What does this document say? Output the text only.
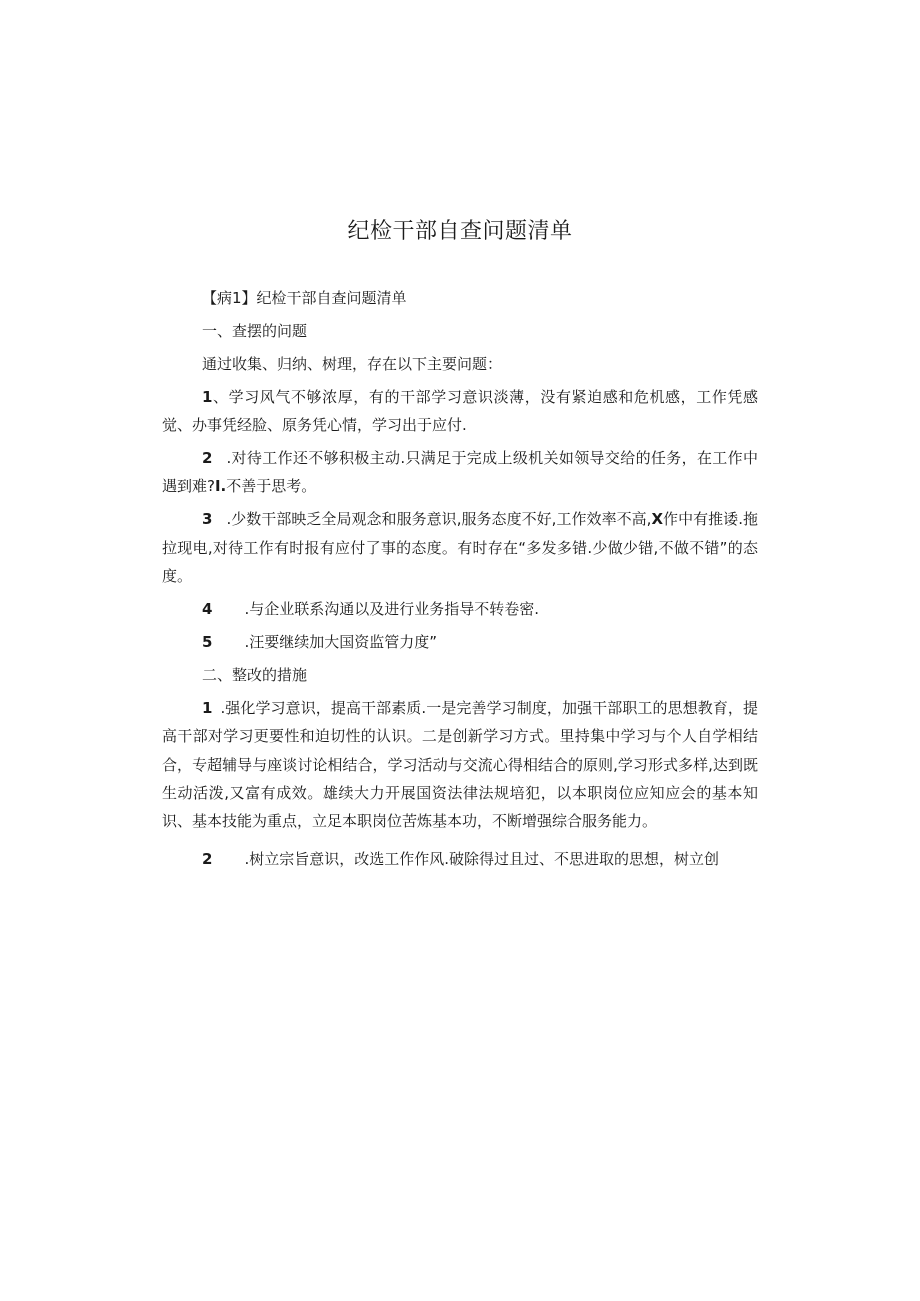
纪检干部自查问题清单

【病1】纪检干部自查问题清单

一、查摆的问题

通过收集、归纳、树理，存在以下主要问题：

1、学习风气不够浓厚，有的干部学习意识淡薄，没有紧迫感和危机感，工作凭感觉、办事凭经脸、原务凭心情，学习出于应付.

2 .对待工作还不够积极主动.只满足于完成上级机关如领导交给的任务，在工作中遇到难?I.不善于思考。

3 .少数干部映乏全局观念和服务意识,服务态度不好,工作效率不高,X作中有推诿.拖拉现电,对待工作有时报有应付了事的态度。有时存在“多发多错.少做少错,不做不错”的态度。

4 .与企业联系沟通以及进行业务指导不转卷密.

5 .汪要继续加大国资监管力度”

二、整改的措施

1 .强化学习意识，提高干部素质.一是完善学习制度，加强干部职工的思想教育，提高干部对学习更要性和迫切性的认识。二是创新学习方式。里持集中学习与个人自学相结合，专超辅导与座谈讨论相结合，学习活动与交流心得相结合的原则,学习形式多样,达到既生动活泼,又富有成效。雄续大力开展国资法律法规培犯，以本职岗位应知应会的基本知识、基本技能为重点，立足本职岗位苦炼基本功，不断增强综合服务能力。

2 .树立宗旨意识，改选工作作风.破除得过且过、不思进取的思想，树立创
